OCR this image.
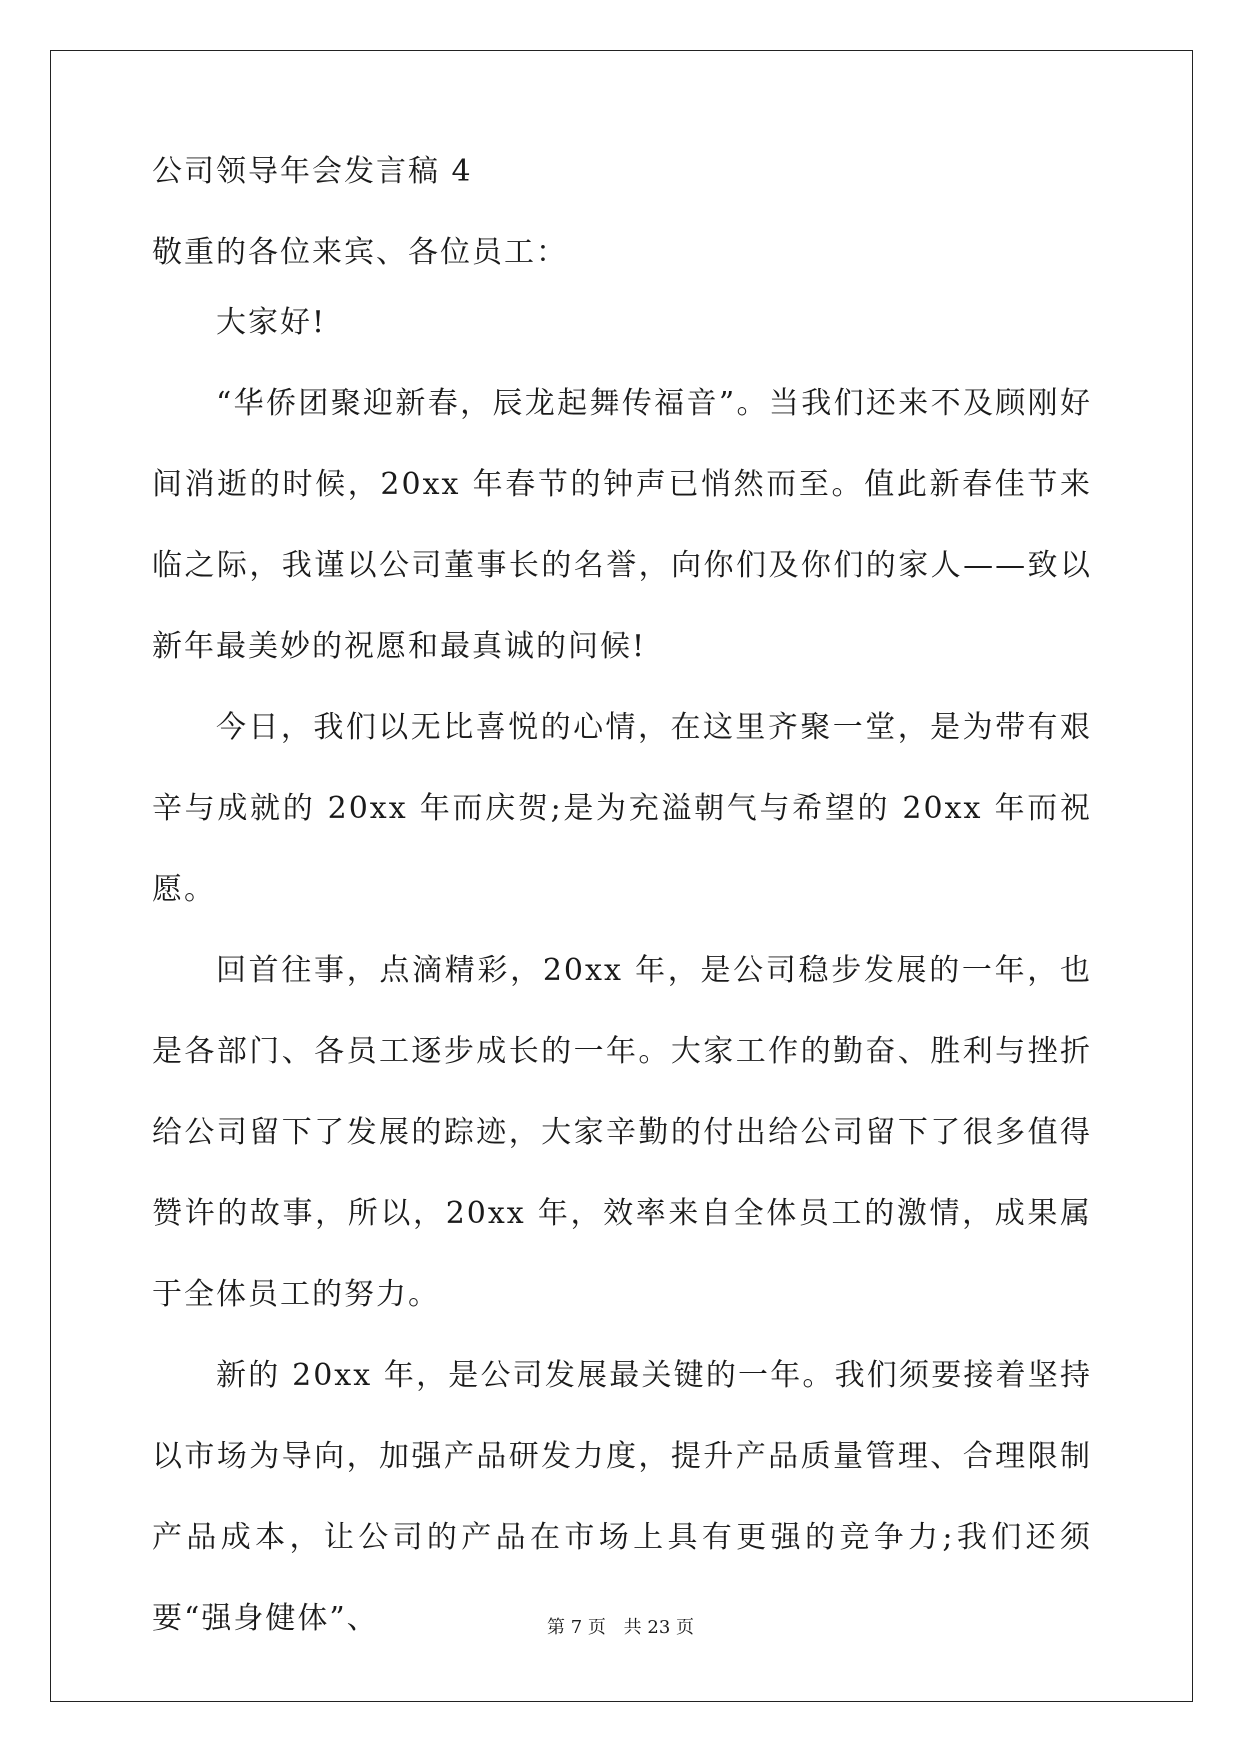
公司领导年会发言稿 4
敬重的各位来宾、各位员工：

大家好!

“华侨团聚迎新春，辰龙起舞传福音”。当我们还来不及顾刚好间消逝的时候，20xx 年春节的钟声已悄然而至。值此新春佳节来临之际，我谨以公司董事长的名誉，向你们及你们的家人——致以新年最美妙的祝愿和最真诚的问候!

今日，我们以无比喜悦的心情，在这里齐聚一堂，是为带有艰辛与成就的 20xx 年而庆贺;是为充溢朝气与希望的 20xx 年而祝愿。

回首往事，点滴精彩，20xx 年，是公司稳步发展的一年，也是各部门、各员工逐步成长的一年。大家工作的勤奋、胜利与挫折给公司留下了发展的踪迹，大家辛勤的付出给公司留下了很多值得赞许的故事，所以，20xx 年，效率来自全体员工的激情，成果属于全体员工的努力。

新的 20xx 年，是公司发展最关键的一年。我们须要接着坚持以市场为导向，加强产品研发力度，提升产品质量管理、合理限制产品成本，让公司的产品在市场上具有更强的竞争力;我们还须要“强身健体”、	第 7 页 共 23 页
